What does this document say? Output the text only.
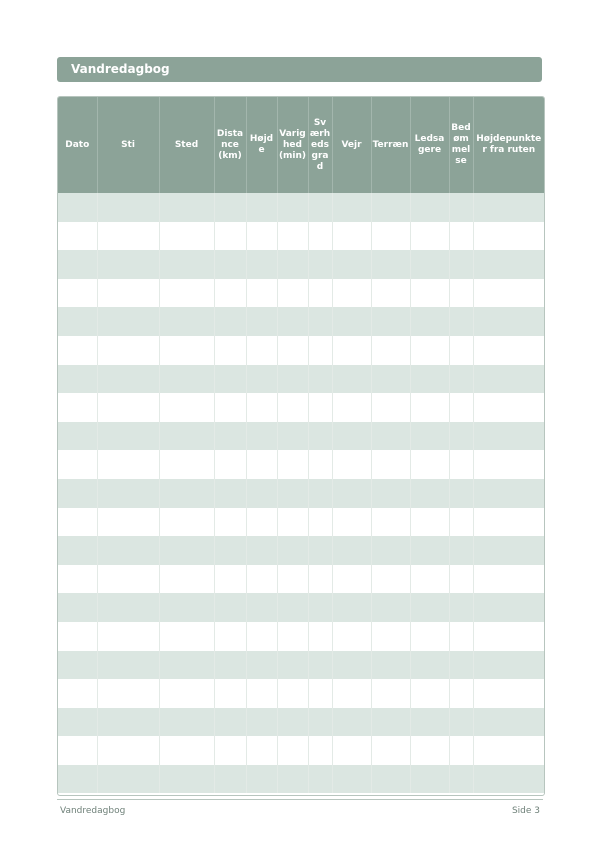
Vandredagbog
Dato	Sti	Sted	Distance (km)	Højde	Varighed (min)	Sværhedsgrad	Vejr	Terræn	Ledsagere	Bedømmelse	Højdepunkter fra ruten

Vandredagbog	Side 3
